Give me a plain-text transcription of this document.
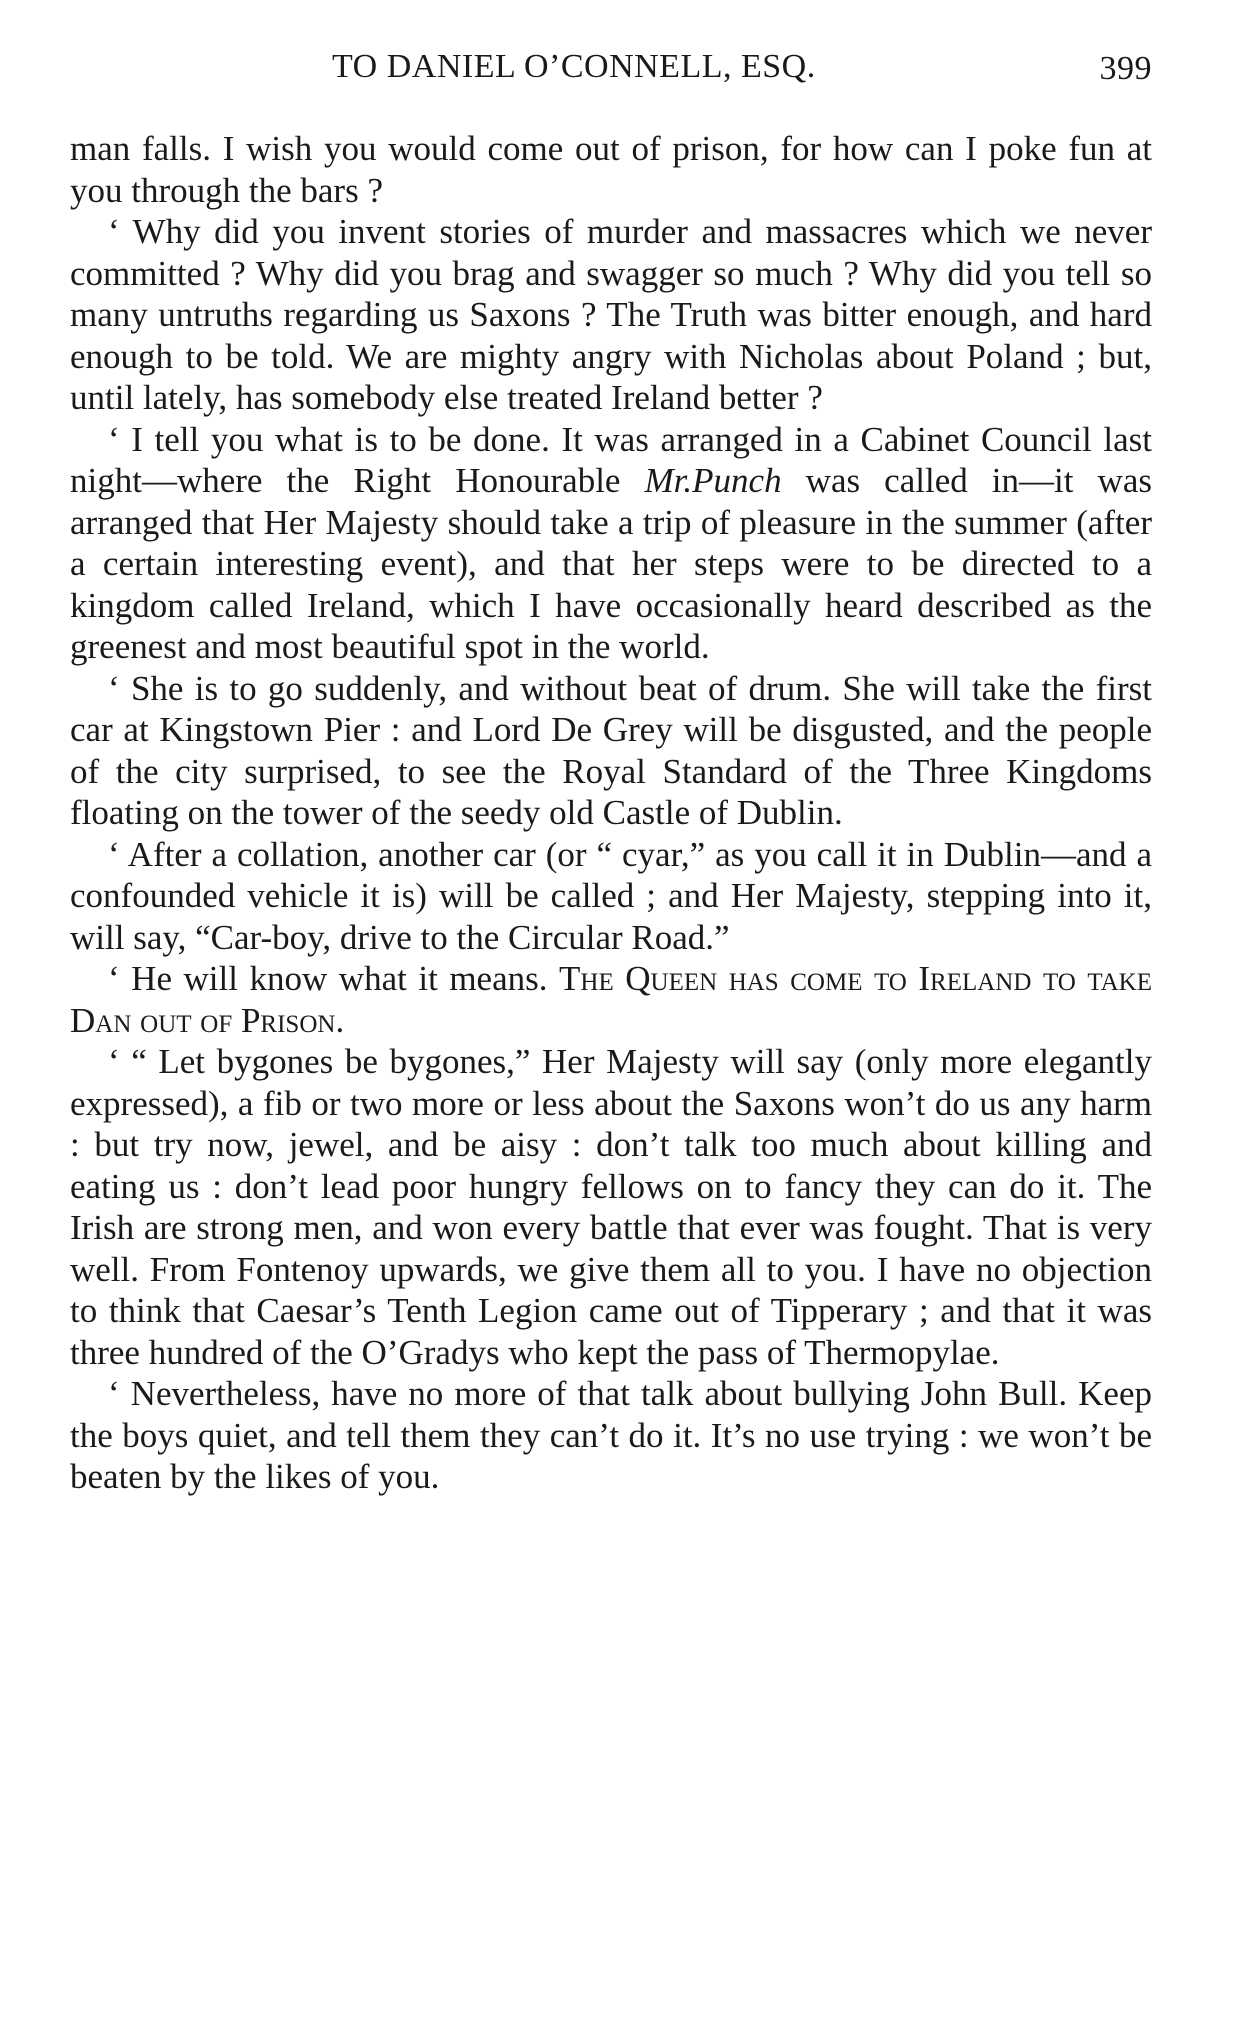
TO DANIEL O’CONNELL, ESQ.	399

man falls. I wish you would come out of prison, for how can I poke fun at you through the bars ?

‘ Why did you invent stories of murder and massacres which we never committed ? Why did you brag and swagger so much ? Why did you tell so many untruths regarding us Saxons ? The Truth was bitter enough, and hard enough to be told. We are mighty angry with Nicholas about Poland ; but, until lately, has somebody else treated Ireland better ?

‘ I tell you what is to be done. It was arranged in a Cabinet Council last night—where the Right Honourable Mr.Punch was called in—it was arranged that Her Majesty should take a trip of pleasure in the summer (after a certain interesting event), and that her steps were to be directed to a kingdom called Ireland, which I have occasionally heard described as the greenest and most beautiful spot in the world.

‘ She is to go suddenly, and without beat of drum. She will take the first car at Kingstown Pier : and Lord De Grey will be disgusted, and the people of the city surprised, to see the Royal Standard of the Three Kingdoms floating on the tower of the seedy old Castle of Dublin.

‘ After a collation, another car (or “ cyar,” as you call it in Dublin—and a confounded vehicle it is) will be called ; and Her Majesty, stepping into it, will say, “Car-boy, drive to the Circular Road.”

‘ He will know what it means. The Queen has come to Ireland to take Dan out of Prison.

‘ “ Let bygones be bygones,” Her Majesty will say (only more elegantly expressed), a fib or two more or less about the Saxons won’t do us any harm : but try now, jewel, and be aisy : don’t talk too much about killing and eating us : don’t lead poor hungry fellows on to fancy they can do it. The Irish are strong men, and won every battle that ever was fought. That is very well. From Fontenoy upwards, we give them all to you. I have no objection to think that Caesar’s Tenth Legion came out of Tipperary ; and that it was three hundred of the O’Gradys who kept the pass of Thermopylae.

‘ Nevertheless, have no more of that talk about bullying John Bull. Keep the boys quiet, and tell them they can’t do it. It’s no use trying : we won’t be beaten by the likes of you.
